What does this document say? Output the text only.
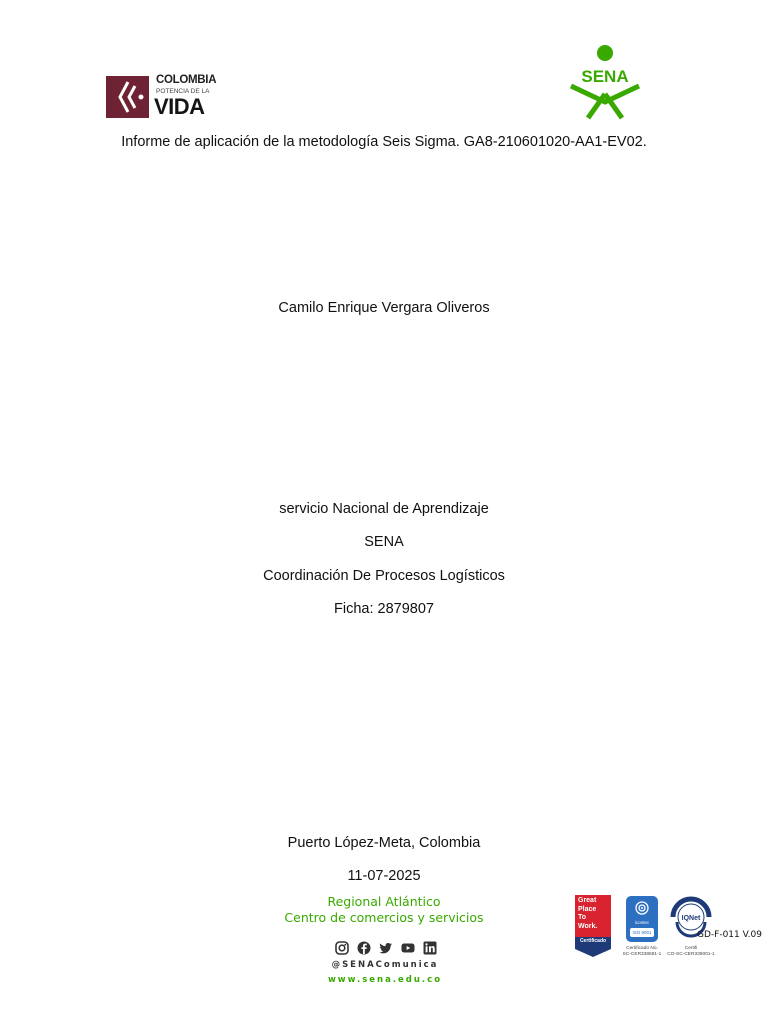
COLOMBIA
POTENCIA DE LA
VIDA
SENA
Informe de aplicación de la metodología Seis Sigma. GA8-210601020-AA1-EV02.
Camilo Enrique Vergara Oliveros
servicio Nacional de Aprendizaje
SENA
Coordinación De Procesos Logísticos
Ficha: 2879807
Puerto López-Meta, Colombia
11-07-2025
Regional Atlántico
Centro de comercios y servicios
@SENAComunica
www.sena.edu.co
Great
Place
To
Work.
Certificado
icontec
ISO 9001
Certificado No.
SC-CER338681-1
IQNet
Certifi
CO-SC-CER339001-1
GD-F-011 V.09
